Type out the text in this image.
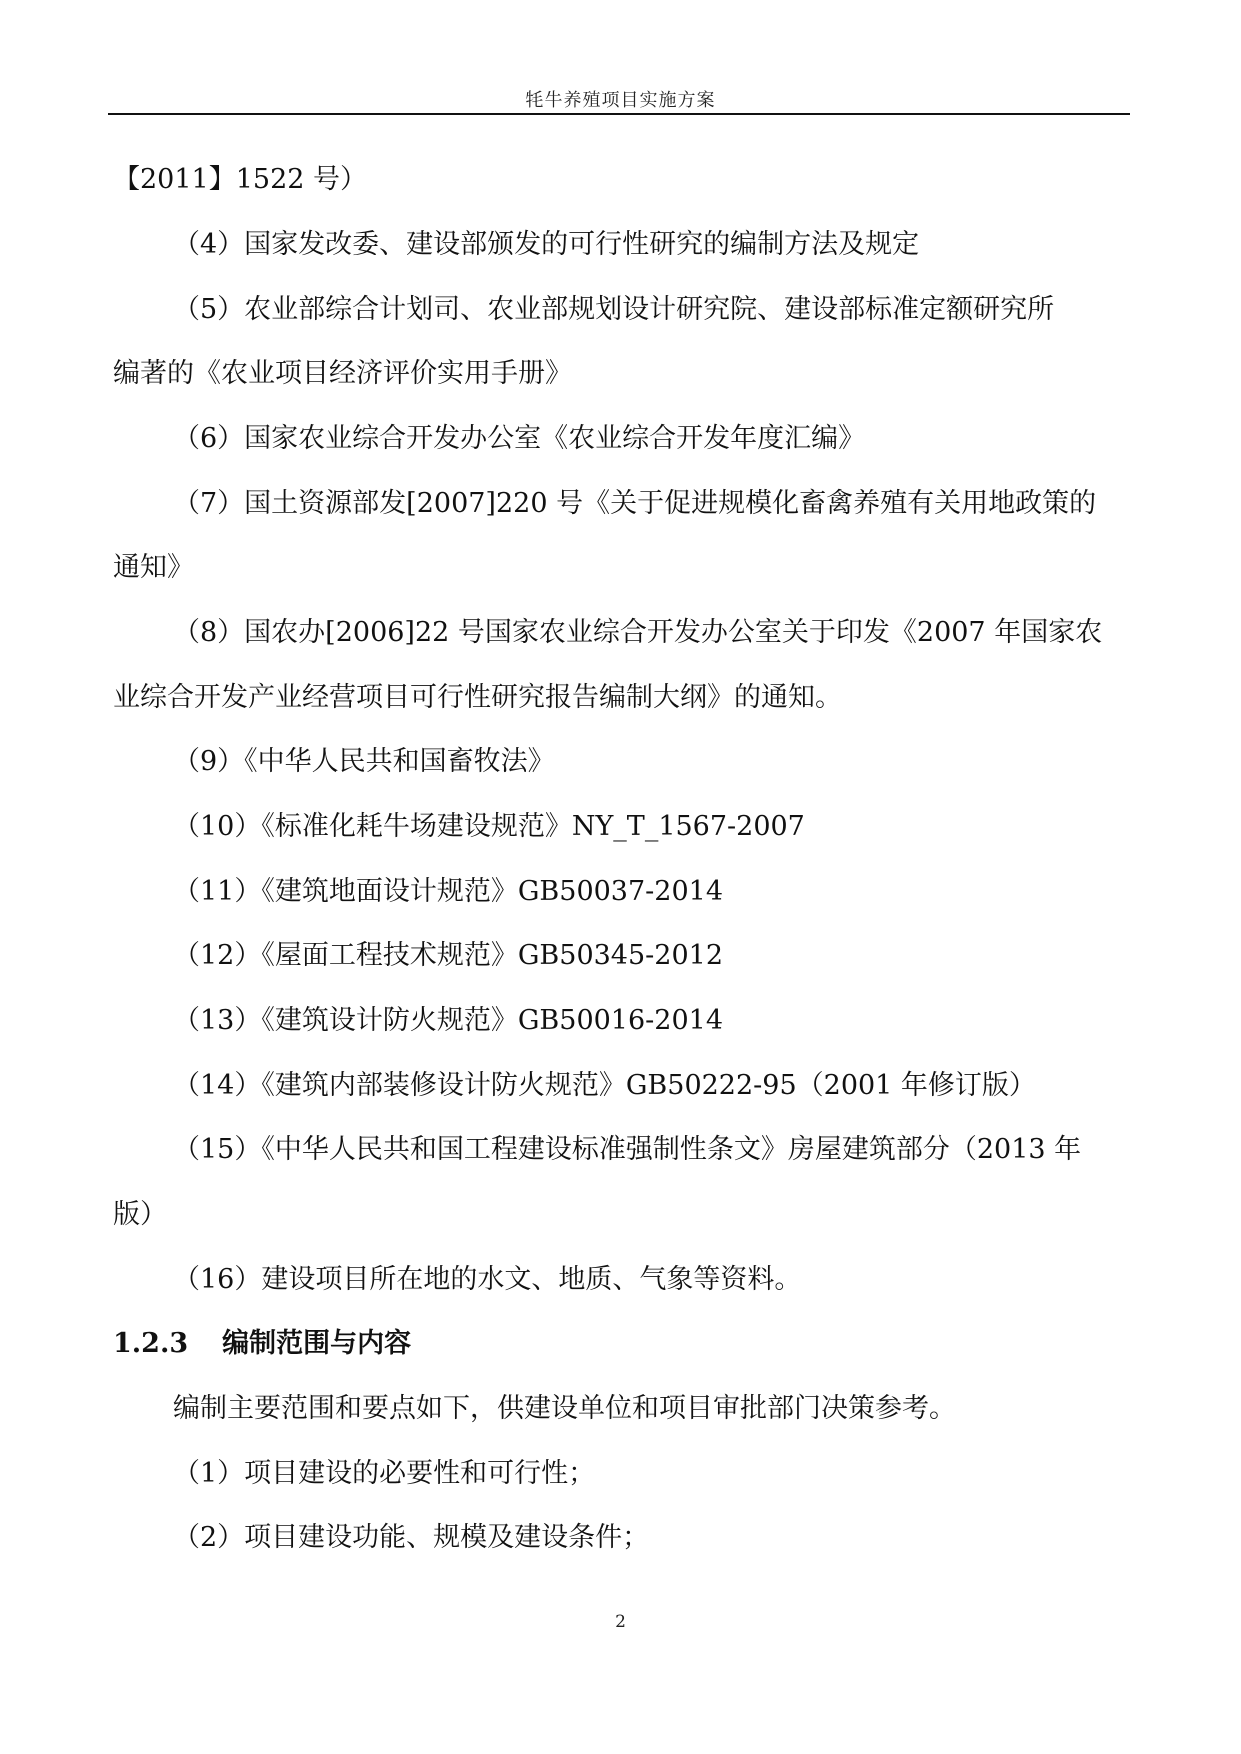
牦牛养殖项目实施方案
【2011】1522 号）
（4）国家发改委、建设部颁发的可行性研究的编制方法及规定
（5）农业部综合计划司、农业部规划设计研究院、建设部标准定额研究所
编著的《农业项目经济评价实用手册》
（6）国家农业综合开发办公室《农业综合开发年度汇编》
（7）国土资源部发[2007]220 号《关于促进规模化畜禽养殖有关用地政策的
通知》
（8）国农办[2006]22 号国家农业综合开发办公室关于印发《2007 年国家农
业综合开发产业经营项目可行性研究报告编制大纲》的通知。
（9）《中华人民共和国畜牧法》
（10）《标准化耗牛场建设规范》NY_T_1567-2007
（11）《建筑地面设计规范》GB50037-2014
（12）《屋面工程技术规范》GB50345-2012
（13）《建筑设计防火规范》GB50016-2014
（14）《建筑内部装修设计防火规范》GB50222-95（2001 年修订版）
（15）《中华人民共和国工程建设标准强制性条文》房屋建筑部分（2013 年
版）
（16）建设项目所在地的水文、地质、气象等资料。
1.2.3 编制范围与内容
编制主要范围和要点如下，供建设单位和项目审批部门决策参考。
（1）项目建设的必要性和可行性；
（2）项目建设功能、规模及建设条件；
2
